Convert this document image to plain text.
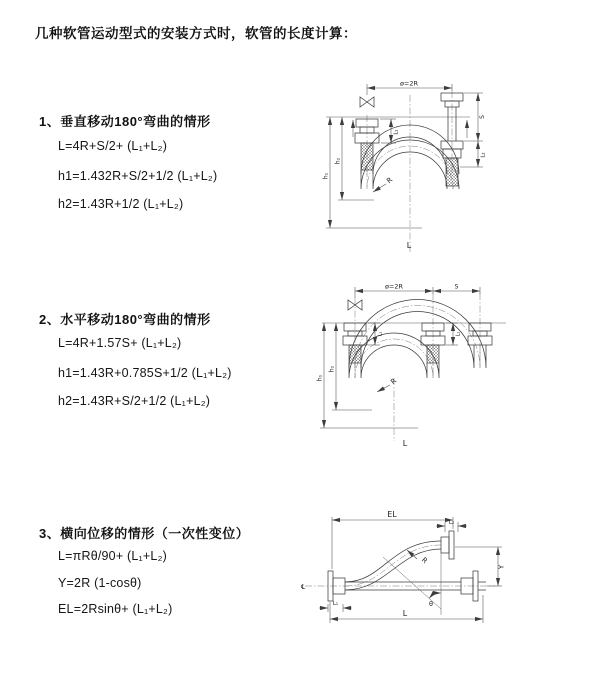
几种软管运动型式的安装方式时，软管的长度计算：
1、垂直移动180°弯曲的情形
L=4R+S/2+ (L₁+L₂)
h1=1.432R+S/2+1/2 (L₁+L₂)
h2=1.43R+1/2 (L₁+L₂)
2、水平移动180°弯曲的情形
L=4R+1.57S+ (L₁+L₂)
h1=1.43R+0.785S+1/2 (L₁+L₂)
h2=1.43R+S/2+1/2 (L₁+L₂)
3、横向位移的情形（一次性变位）
L=πRθ/90+ (L₁+L₂)
Y=2R (1-cosθ)
EL=2Rsinθ+ (L₁+L₂)
ø=2R
S
L₂
L₁
h₁
h₂
R
L
ø=2R	S
L₁	L₂
h₁
h₂
R
L
℄
EL
L₂
Y
R
θ
L₁
L
